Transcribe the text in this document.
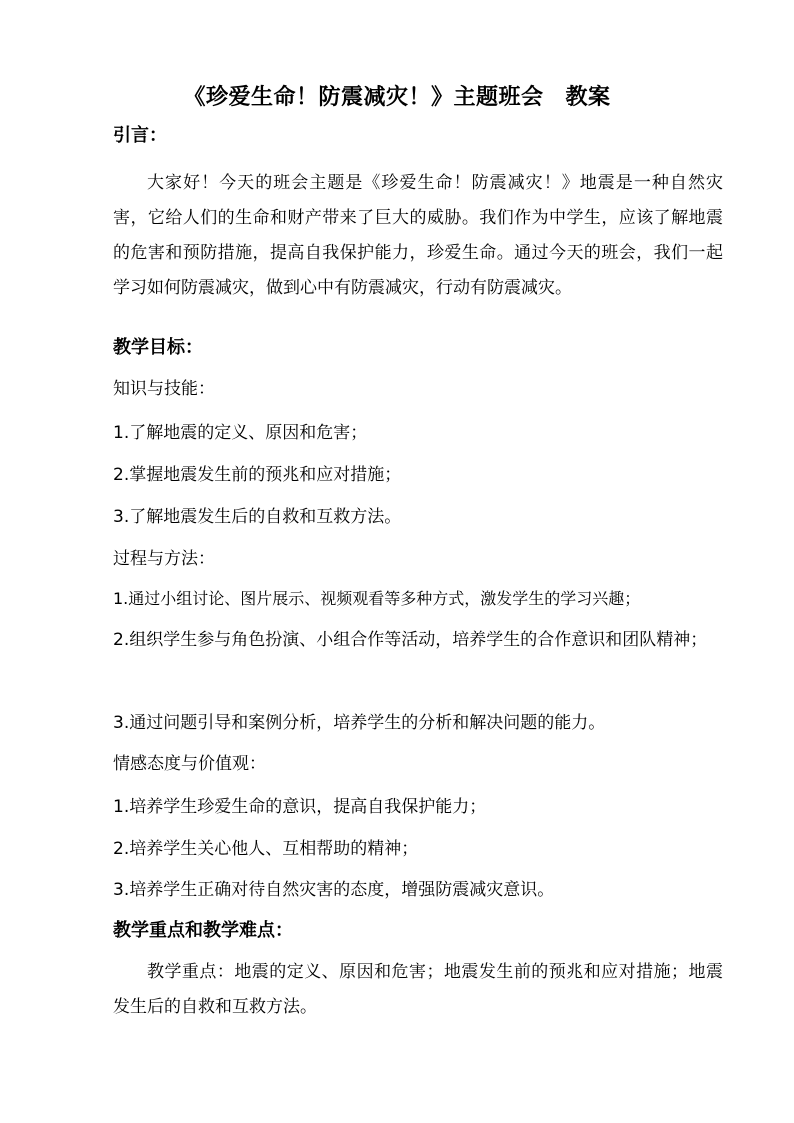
《珍爱生命！防震减灾！》主题班会 教案
引言：

大家好！今天的班会主题是《珍爱生命！防震减灾！》地震是一种自然灾害，它给人们的生命和财产带来了巨大的威胁。我们作为中学生，应该了解地震的危害和预防措施，提高自我保护能力，珍爱生命。通过今天的班会，我们一起学习如何防震减灾，做到心中有防震减灾，行动有防震减灾。

教学目标：
知识与技能：
1.了解地震的定义、原因和危害；
2.掌握地震发生前的预兆和应对措施；
3.了解地震发生后的自救和互救方法。
过程与方法：
1.通过小组讨论、图片展示、视频观看等多种方式，激发学生的学习兴趣；

2.组织学生参与角色扮演、小组合作等活动，培养学生的合作意识和团队精神；

3.通过问题引导和案例分析，培养学生的分析和解决问题的能力。
情感态度与价值观：
1.培养学生珍爱生命的意识，提高自我保护能力；
2.培养学生关心他人、互相帮助的精神；
3.培养学生正确对待自然灾害的态度，增强防震减灾意识。
教学重点和教学难点：

教学重点：地震的定义、原因和危害；地震发生前的预兆和应对措施；地震发生后的自救和互救方法。
